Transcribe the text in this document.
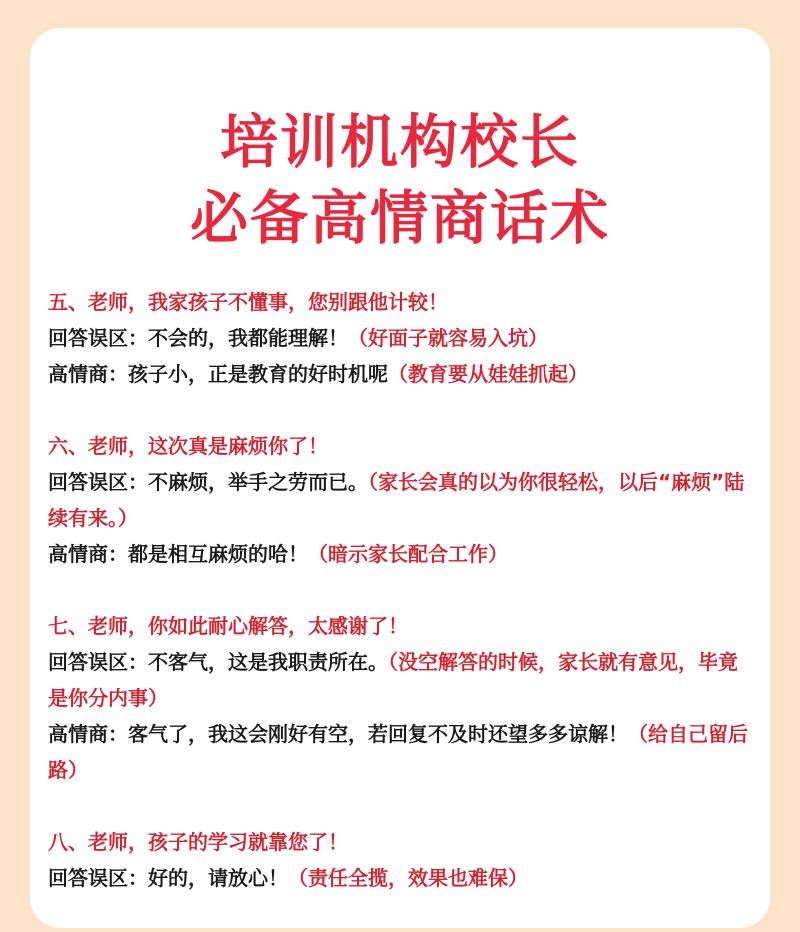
培训机构校长
必备高情商话术
五、老师，我家孩子不懂事，您别跟他计较！
回答误区：不会的，我都能理解！（好面子就容易入坑）
高情商：孩子小，正是教育的好时机呢（教育要从娃娃抓起）
六、老师，这次真是麻烦你了！
回答误区：不麻烦，举手之劳而已。（家长会真的以为你很轻松，以后“麻烦”陆续有来。）
高情商：都是相互麻烦的哈！（暗示家长配合工作）
七、老师，你如此耐心解答，太感谢了！
回答误区：不客气，这是我职责所在。（没空解答的时候，家长就有意见，毕竟是你分内事）
高情商：客气了，我这会刚好有空，若回复不及时还望多多谅解！（给自己留后路）
八、老师，孩子的学习就靠您了！
回答误区：好的，请放心！（责任全揽，效果也难保）
